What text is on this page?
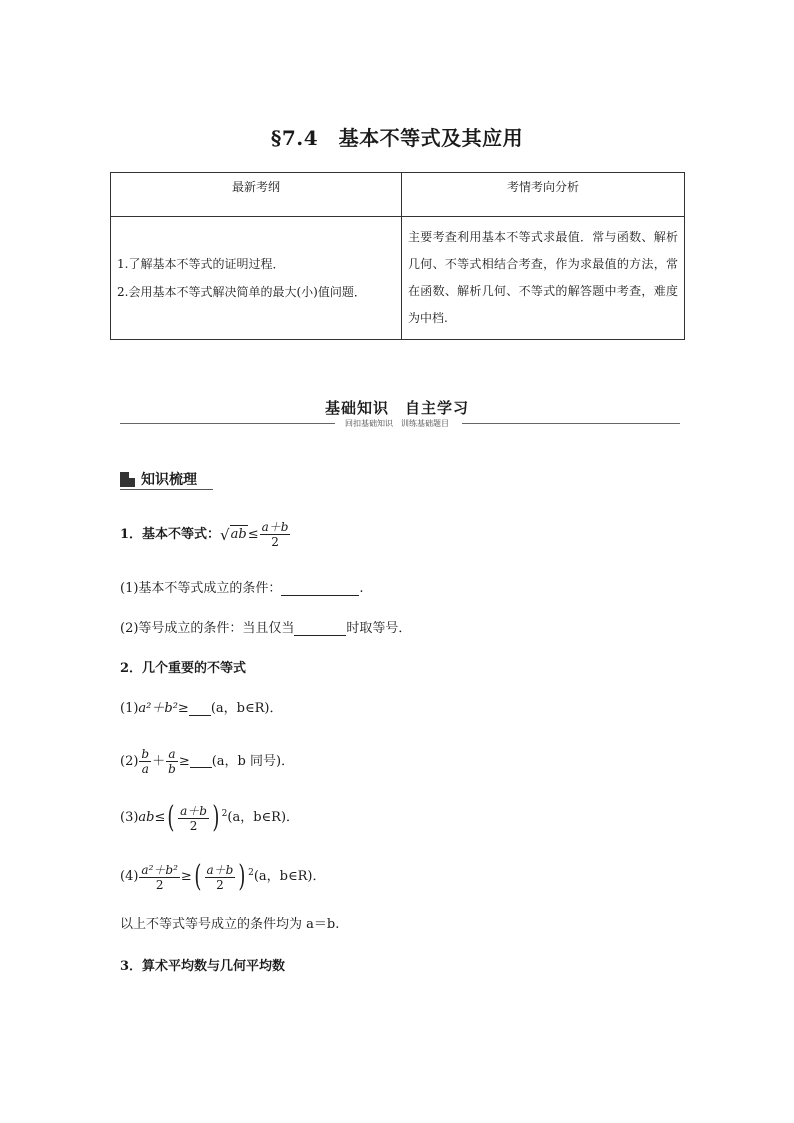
§7.4　基本不等式及其应用
最新考纲	考情考向分析

1.了解基本不等式的证明过程．
2.会用基本不等式解决简单的最大(小)值问题．	主要考查利用基本不等式求最值．常与函数、解析几何、不等式相结合考查，作为求最值的方法，常在函数、解析几何、不等式的解答题中考查，难度为中档.
基础知识　自主学习
回扣基础知识　训练基础题目
知识梳理
1．基本不等式： √ ab ≤ $\frac{a+b}{2}$
(1)基本不等式成立的条件：	.
(2)等号成立的条件：当且仅当	时取等号．
2．几个重要的不等式
(1) a²＋b²≥ (a，b∈R)．
$(2) \frac{b}{a} + \frac{a}{b} \ge (a$，b 同号)．
(3) ab≤ ( $\frac{a+b}{2}$ ) $^2$ (a，b∈R)．
$(4) \frac{\text{a²＋b²}}{2}$ ≥ ( $\frac{a+b}{2}$ ) $^2$ (a，b∈R)．
以上不等式等号成立的条件均为 a＝b.
3．算术平均数与几何平均数
